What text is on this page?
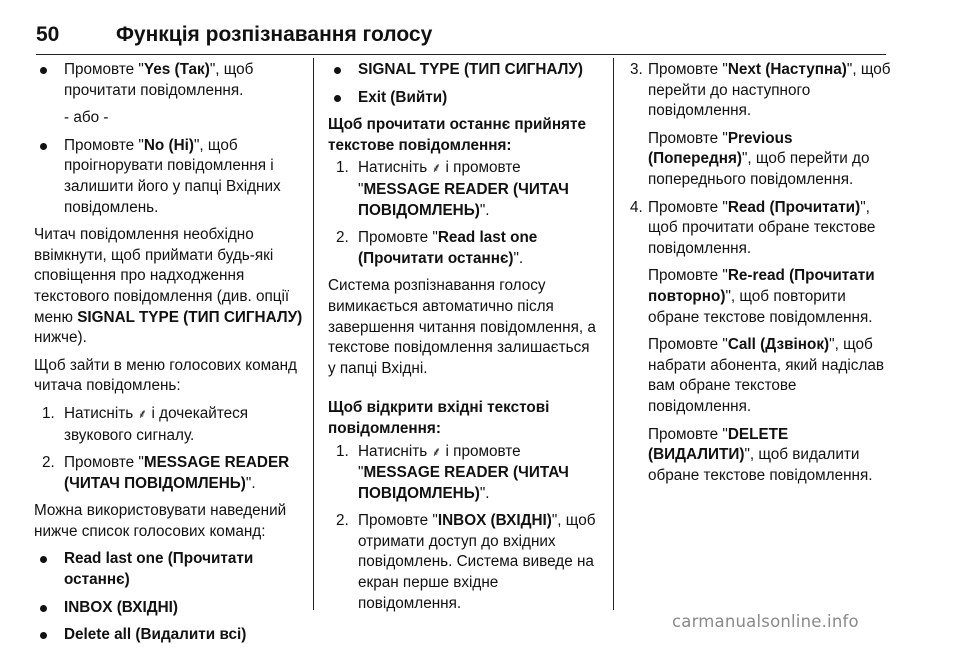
50	Функція розпізнавання голосу
Промовте "Yes (Так)", щоб прочитати повідомлення.
- або -
Промовте "No (Ні)", щоб проігнорувати повідомлення і залишити його у папці Вхідних повідомлень.

Читач повідомлення необхідно ввімкнути, щоб приймати будь-які сповіщення про надходження текстового повідомлення (див. опції меню SIGNAL TYPE (ТИП СИГНАЛУ) нижче).

Щоб зайти в меню голосових команд читача повідомлень:

1. Натисніть ⸙ і дочекайтеся звукового сигналу.
2. Промовте "MESSAGE READER (ЧИТАЧ ПОВІДОМЛЕНЬ)".

Можна використовувати наведений нижче список голосових команд:

Read last one (Прочитати останнє)
INBOX (ВХІДНІ)
Delete all (Видалити всі)
SIGNAL TYPE (ТИП СИГНАЛУ)
Exit (Вийти)
Щоб прочитати останнє прийняте текстове повідомлення:
1. Натисніть ⸙ і промовте "MESSAGE READER (ЧИТАЧ ПОВІДОМЛЕНЬ)".
2. Промовте "Read last one (Прочитати останнє)".

Система розпізнавання голосу вимикається автоматично після завершення читання повідомлення, а текстове повідомлення залишається у папці Вхідні.

Щоб відкрити вхідні текстові повідомлення:
1. Натисніть ⸙ і промовте "MESSAGE READER (ЧИТАЧ ПОВІДОМЛЕНЬ)".
2. Промовте "INBOX (ВХІДНІ)", щоб отримати доступ до вхідних повідомлень. Система виведе на екран перше вхідне повідомлення.
3. Промовте "Next (Наступна)", щоб перейти до наступного повідомлення.
Промовте "Previous (Попередня)", щоб перейти до попереднього повідомлення.
4. Промовте "Read (Прочитати)", щоб прочитати обране текстове повідомлення.
Промовте "Re-read (Прочитати повторно)", щоб повторити обране текстове повідомлення.
Промовте "Call (Дзвінок)", щоб набрати абонента, який надіслав вам обране текстове повідомлення.
Промовте "DELETE (ВИДАЛИТИ)", щоб видалити обране текстове повідомлення.
carmanualsonline.info
